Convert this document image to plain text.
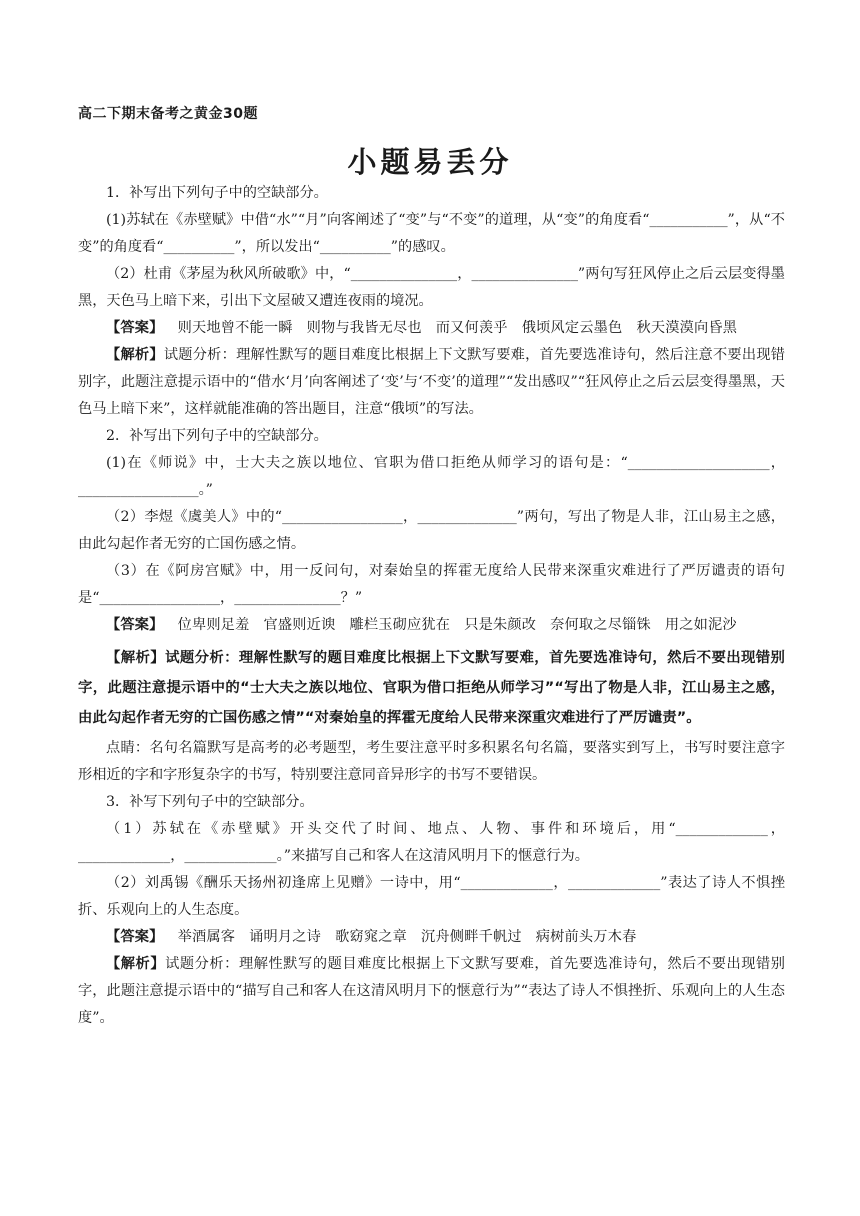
高二下期末备考之黄金30题
小题易丢分

1．补写出下列句子中的空缺部分。

(1)苏轼在《赤壁赋》中借“水”“月”向客阐述了“变”与“不变”的道理，从“变”的角度看“___________”，从“不变”的角度看“__________”，所以发出“__________”的感叹。

（2）杜甫《茅屋为秋风所破歌》中，“_______________，_______________”两句写狂风停止之后云层变得墨黑，天色马上暗下来，引出下文屋破又遭连夜雨的境况。

【答案】 则天地曾不能一瞬 则物与我皆无尽也 而又何羡乎 俄顷风定云墨色 秋天漠漠向昏黑

【解析】试题分析：理解性默写的题目难度比根据上下文默写要难，首先要选准诗句，然后注意不要出现错别字，此题注意提示语中的“借水‘月’向客阐述了‘变’与‘不变’的道理”“发出感叹”“狂风停止之后云层变得墨黑，天色马上暗下来”，这样就能准确的答出题目，注意“俄顷”的写法。

2．补写出下列句子中的空缺部分。

(1)在《师说》中，士大夫之族以地位、官职为借口拒绝从师学习的语句是：“____________________，_________________。”

（2）李煜《虞美人》中的“_________________，______________”两句，写出了物是人非，江山易主之感，由此勾起作者无穷的亡国伤感之情。

（3）在《阿房宫赋》中，用一反问句，对秦始皇的挥霍无度给人民带来深重灾难进行了严厉谴责的语句是“_________________，_______________？”

【答案】 位卑则足羞 官盛则近谀 雕栏玉砌应犹在 只是朱颜改 奈何取之尽锱铢 用之如泥沙

【解析】试题分析：理解性默写的题目难度比根据上下文默写要难，首先要选准诗句，然后不要出现错别字，此题注意提示语中的“士大夫之族以地位、官职为借口拒绝从师学习”“写出了物是人非，江山易主之感，由此勾起作者无穷的亡国伤感之情”“对秦始皇的挥霍无度给人民带来深重灾难进行了严厉谴责”。

点睛：名句名篇默写是高考的必考题型，考生要注意平时多积累名句名篇，要落实到写上，书写时要注意字形相近的字和字形复杂字的书写，特别要注意同音异形字的书写不要错误。

3．补写下列句子中的空缺部分。

（1）苏轼在《赤壁赋》开头交代了时间、地点、人物、事件和环境后，用“_____________，_____________，_____________。”来描写自己和客人在这清风明月下的惬意行为。

（2）刘禹锡《酬乐天扬州初逢席上见赠》一诗中，用“_____________，_____________”表达了诗人不惧挫折、乐观向上的人生态度。

【答案】 举酒属客 诵明月之诗 歌窈窕之章 沉舟侧畔千帆过 病树前头万木春

【解析】试题分析：理解性默写的题目难度比根据上下文默写要难，首先要选准诗句，然后不要出现错别字，此题注意提示语中的“描写自己和客人在这清风明月下的惬意行为”“表达了诗人不惧挫折、乐观向上的人生态度”。
